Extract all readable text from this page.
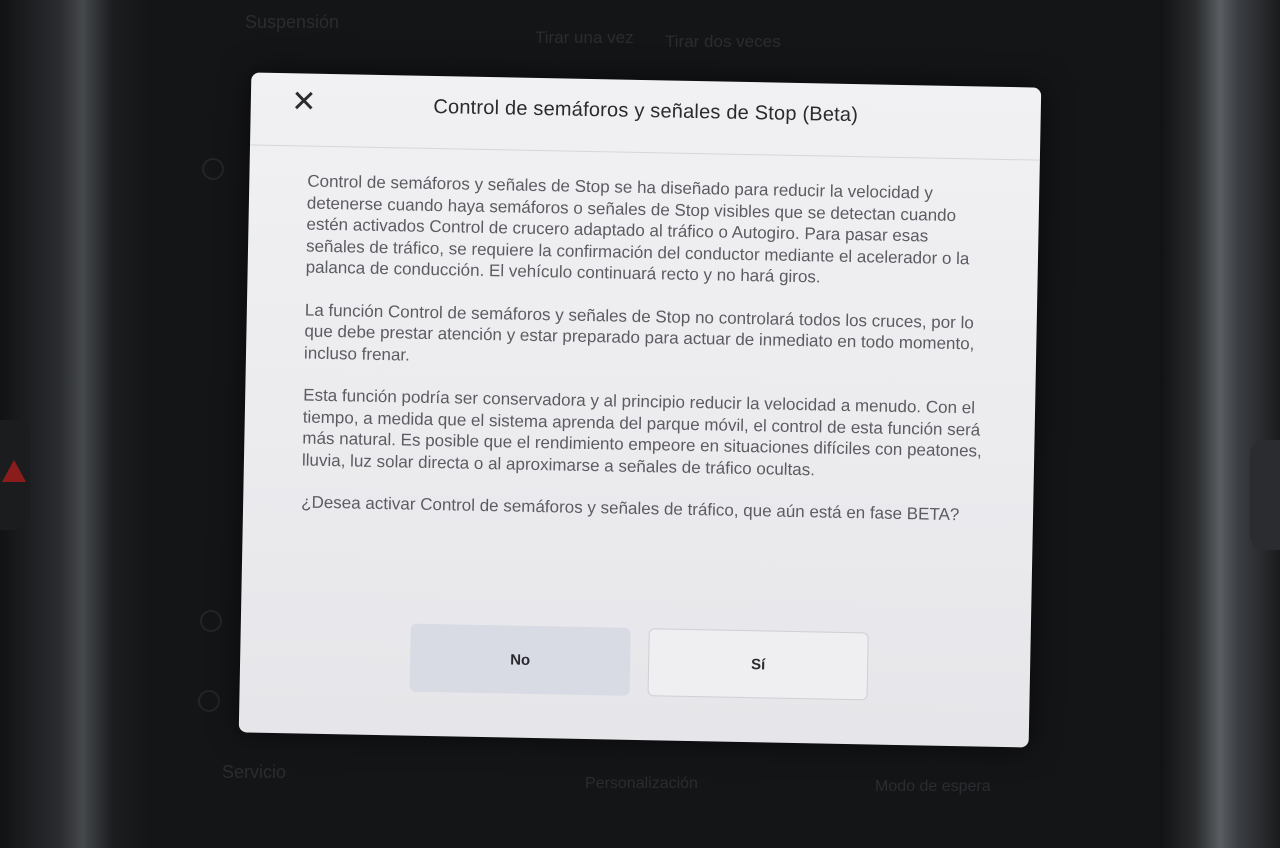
Suspensión
Tirar una vez Tirar dos veces
Servicio
Personalización	Modo de espera
✕	Control de semáforos y señales de Stop (Beta)

Control de semáforos y señales de Stop se ha diseñado para reducir la velocidad y detenerse cuando haya semáforos o señales de Stop visibles que se detectan cuando estén activados Control de crucero adaptado al tráfico o Autogiro. Para pasar esas señales de tráfico, se requiere la confirmación del conductor mediante el acelerador o la palanca de conducción. El vehículo continuará recto y no hará giros.

La función Control de semáforos y señales de Stop no controlará todos los cruces, por lo que debe prestar atención y estar preparado para actuar de inmediato en todo momento, incluso frenar.

Esta función podría ser conservadora y al principio reducir la velocidad a menudo. Con el tiempo, a medida que el sistema aprenda del parque móvil, el control de esta función será más natural. Es posible que el rendimiento empeore en situaciones difíciles con peatones, lluvia, luz solar directa o al aproximarse a señales de tráfico ocultas.

¿Desea activar Control de semáforos y señales de tráfico, que aún está en fase BETA?

No	Sí
